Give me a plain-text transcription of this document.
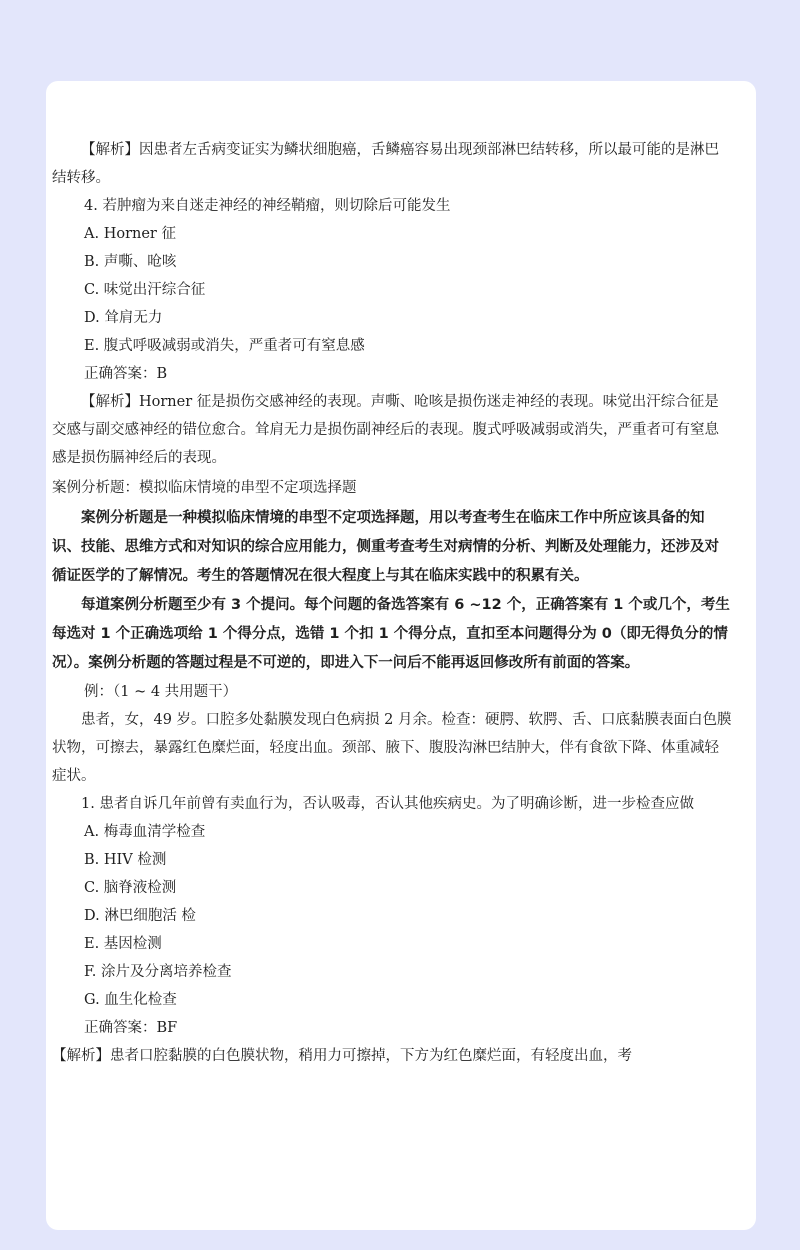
【解析】因患者左舌病变证实为鳞状细胞癌，舌鳞癌容易出现颈部淋巴结转移，所以最可能的是淋巴结转移。

4. 若肿瘤为来自迷走神经的神经鞘瘤，则切除后可能发生

A. Horner 征

B. 声嘶、呛咳

C. 味觉出汗综合征

D. 耸肩无力

E. 腹式呼吸减弱或消失，严重者可有窒息感

正确答案：B

【解析】Horner 征是损伤交感神经的表现。声嘶、呛咳是损伤迷走神经的表现。味觉出汗综合征是交感与副交感神经的错位愈合。耸肩无力是损伤副神经后的表现。腹式呼吸减弱或消失，严重者可有窒息感是损伤膈神经后的表现。

案例分析题：模拟临床情境的串型不定项选择题

案例分析题是一种模拟临床情境的串型不定项选择题，用以考查考生在临床工作中所应该具备的知识、技能、思维方式和对知识的综合应用能力，侧重考查考生对病情的分析、判断及处理能力，还涉及对循证医学的了解情况。考生的答题情况在很大程度上与其在临床实践中的积累有关。

每道案例分析题至少有 3 个提问。每个问题的备选答案有 6 ~12 个，正确答案有 1 个或几个，考生每选对 1 个正确选项给 1 个得分点，选错 1 个扣 1 个得分点，直扣至本问题得分为 0（即无得负分的情况）。案例分析题的答题过程是不可逆的，即进入下一问后不能再返回修改所有前面的答案。

例：（1 ~ 4 共用题干）

患者，女，49 岁。口腔多处黏膜发现白色病损 2 月余。检查：硬腭、软腭、舌、口底黏膜表面白色膜状物，可擦去，暴露红色糜烂面，轻度出血。颈部、腋下、腹股沟淋巴结肿大，伴有食欲下降、体重减轻症状。

1. 患者自诉几年前曾有卖血行为，否认吸毒，否认其他疾病史。为了明确诊断，进一步检查应做

A. 梅毒血清学检查

B. HIV 检测

C. 脑脊液检测

D. 淋巴细胞活 检

E. 基因检测

F. 涂片及分离培养检查

G. 血生化检查

正确答案：BF

【解析】患者口腔黏膜的白色膜状物，稍用力可擦掉，下方为红色糜烂面，有轻度出血，考
